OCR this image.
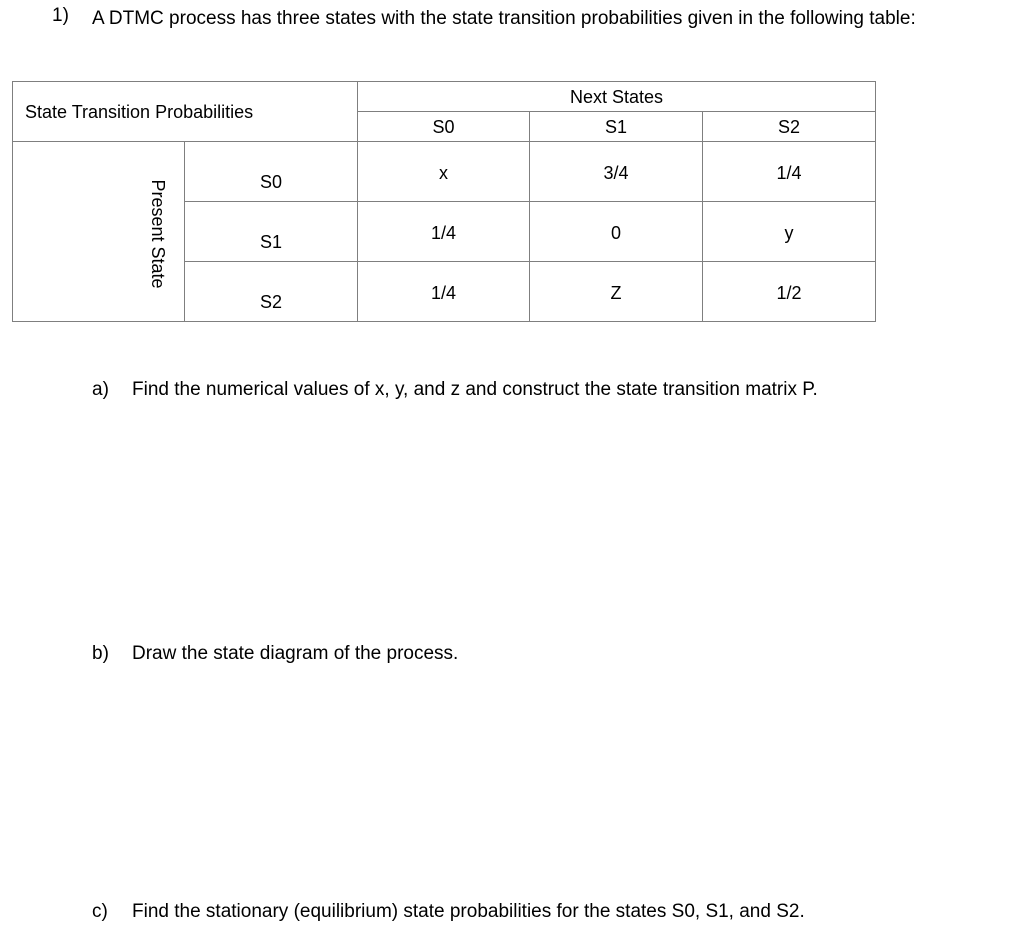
1) A DTMC process has three states with the state transition probabilities given in the following table:
State Transition Probabilities		Next States		
		S0	S1	S2

Present State	S0	x	3/4	1/4
	S1	1/4	0	y
	S2	1/4	Z	1/2
a) Find the numerical values of x, y, and z and construct the state transition matrix P.
b) Draw the state diagram of the process.
c) Find the stationary (equilibrium) state probabilities for the states S0, S1, and S2.
